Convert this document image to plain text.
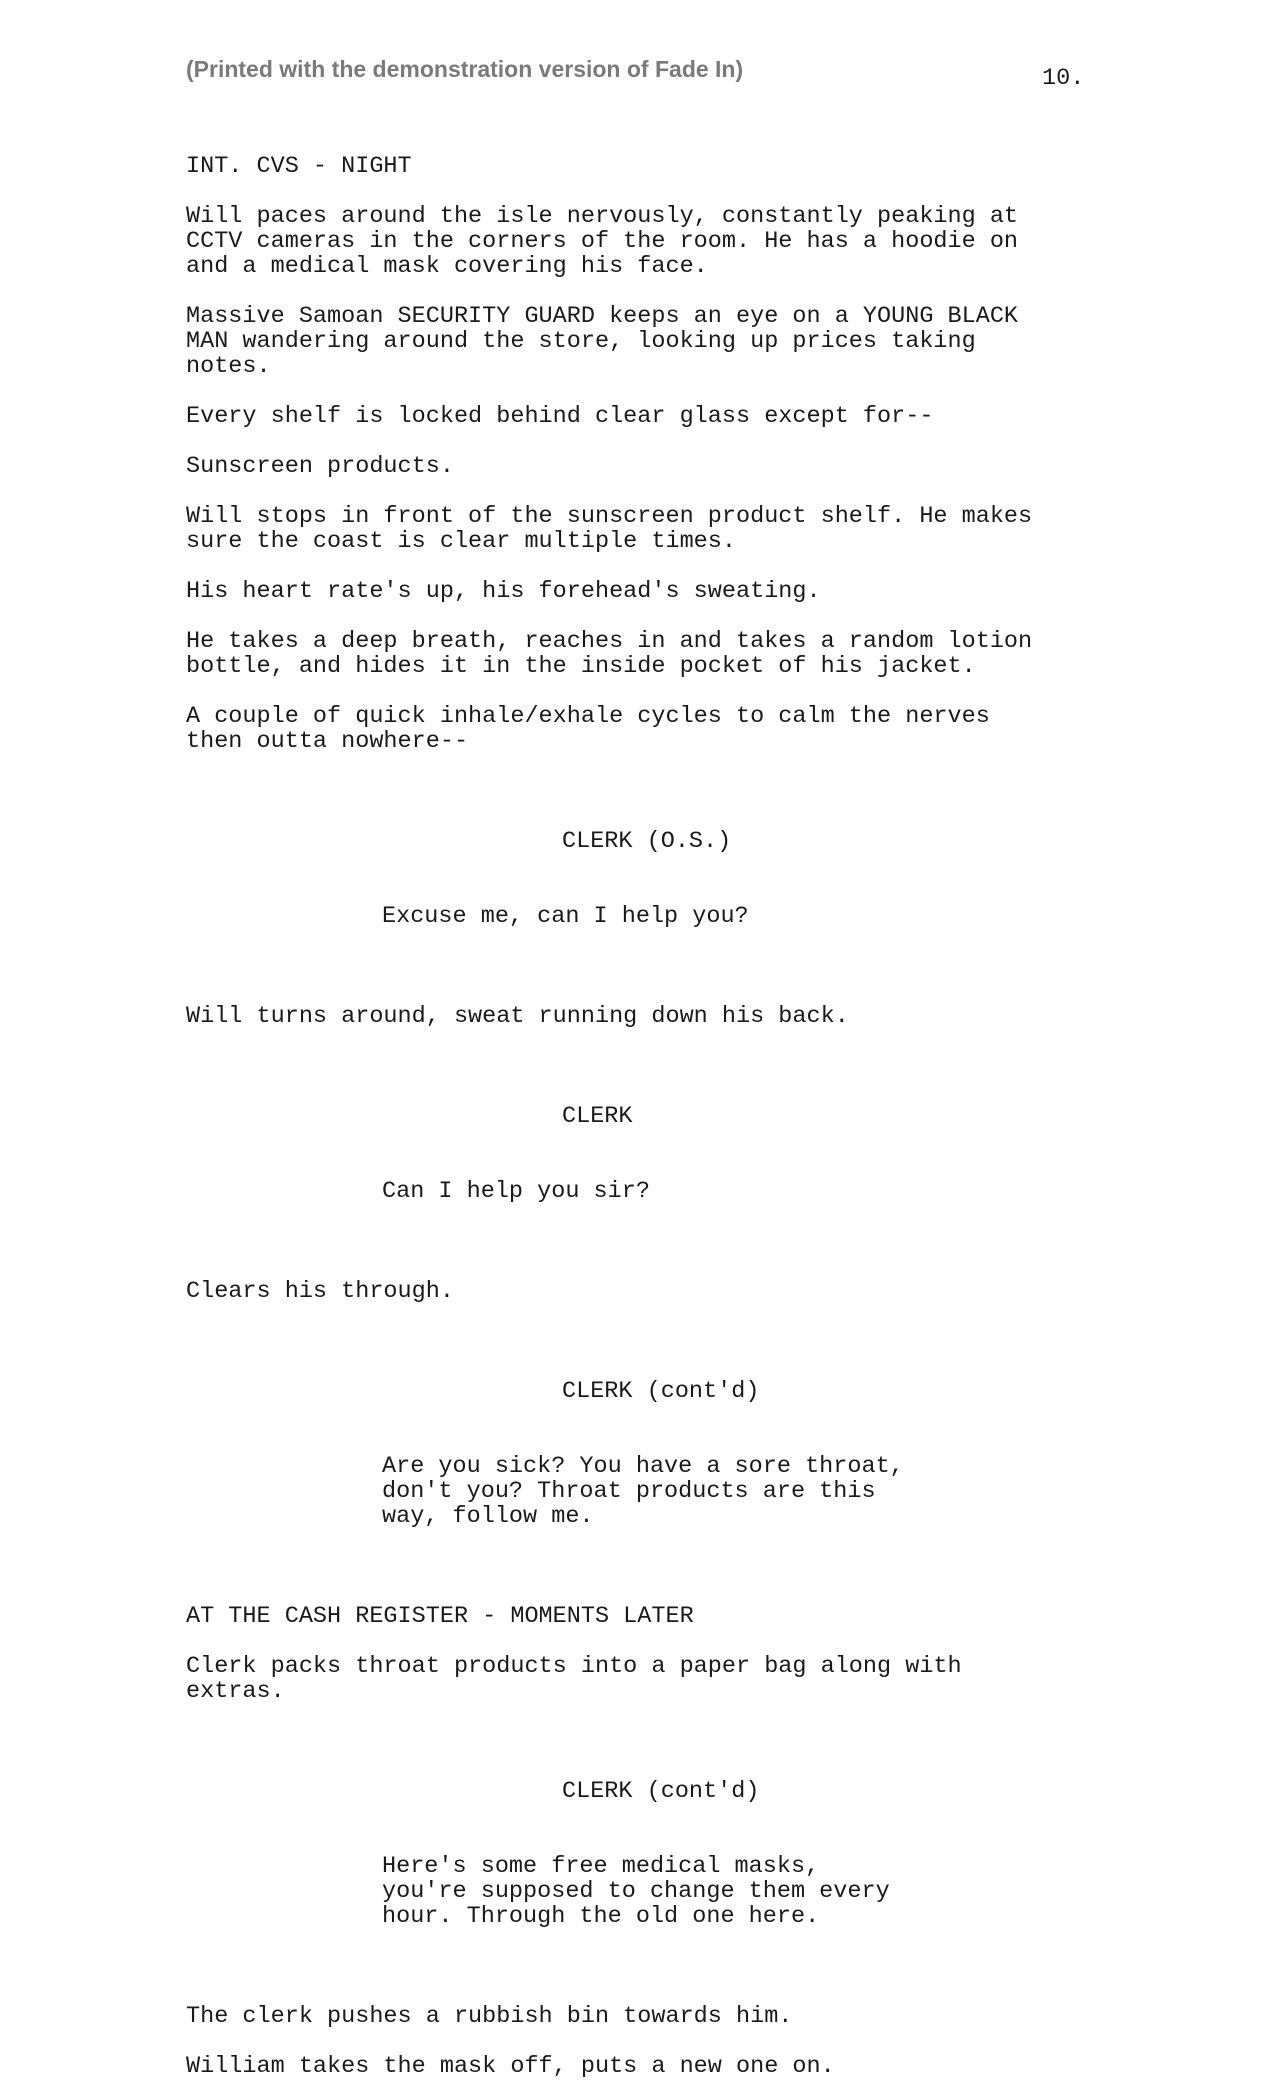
(Printed with the demonstration version of Fade In)	10.

INT. CVS - NIGHT

Will paces around the isle nervously, constantly peaking at
CCTV cameras in the corners of the room. He has a hoodie on
and a medical mask covering his face.

Massive Samoan SECURITY GUARD keeps an eye on a YOUNG BLACK
MAN wandering around the store, looking up prices taking
notes.

Every shelf is locked behind clear glass except for--

Sunscreen products.

Will stops in front of the sunscreen product shelf. He makes
sure the coast is clear multiple times.

His heart rate's up, his forehead's sweating.

He takes a deep breath, reaches in and takes a random lotion
bottle, and hides it in the inside pocket of his jacket.

A couple of quick inhale/exhale cycles to calm the nerves
then outta nowhere--

CLERK (O.S.)

Excuse me, can I help you?

Will turns around, sweat running down his back.

CLERK

Can I help you sir?

Clears his through.

CLERK (cont'd)

Are you sick? You have a sore throat,
don't you? Throat products are this
way, follow me.

AT THE CASH REGISTER - MOMENTS LATER

Clerk packs throat products into a paper bag along with
extras.

CLERK (cont'd)

Here's some free medical masks,
you're supposed to change them every
hour. Through the old one here.

The clerk pushes a rubbish bin towards him.

William takes the mask off, puts a new one on.
